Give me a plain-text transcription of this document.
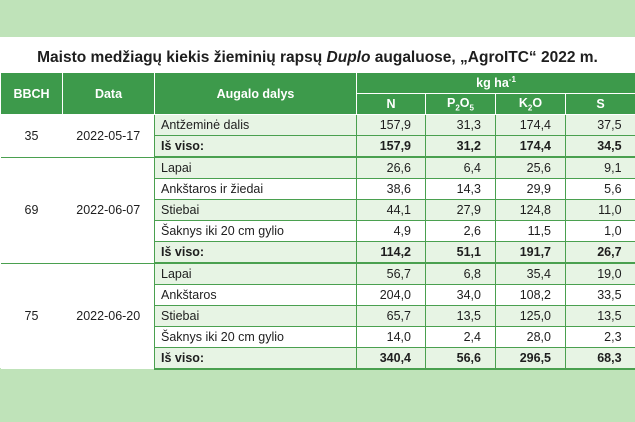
Maisto medžiagų kiekis žieminių rapsų Duplo augaluose, „AgroITC“ 2022 m.
BBCH	Data	Augalo dalys	kg $ha^{-1}$
			N	$P_2O_5$	$K_2O$	S
35	2022-05-17	Antžeminė dalis	157,9	31,3	174,4	37,5
		Iš viso:	157,9	31,2	174,4	34,5
69	2022-06-07	Lapai	26,6	6,4	25,6	9,1
		Ankštaros ir žiedai	38,6	14,3	29,9	5,6
		Stiebai	44,1	27,9	124,8	11,0
		Šaknys iki 20 cm gylio	4,9	2,6	11,5	1,0
		Iš viso:	114,2	51,1	191,7	26,7
75	2022-06-20	Lapai	56,7	6,8	35,4	19,0
		Ankštaros	204,0	34,0	108,2	33,5
		Stiebai	65,7	13,5	125,0	13,5
		Šaknys iki 20 cm gylio	14,0	2,4	28,0	2,3
		Iš viso:	340,4	56,6	296,5	68,3
